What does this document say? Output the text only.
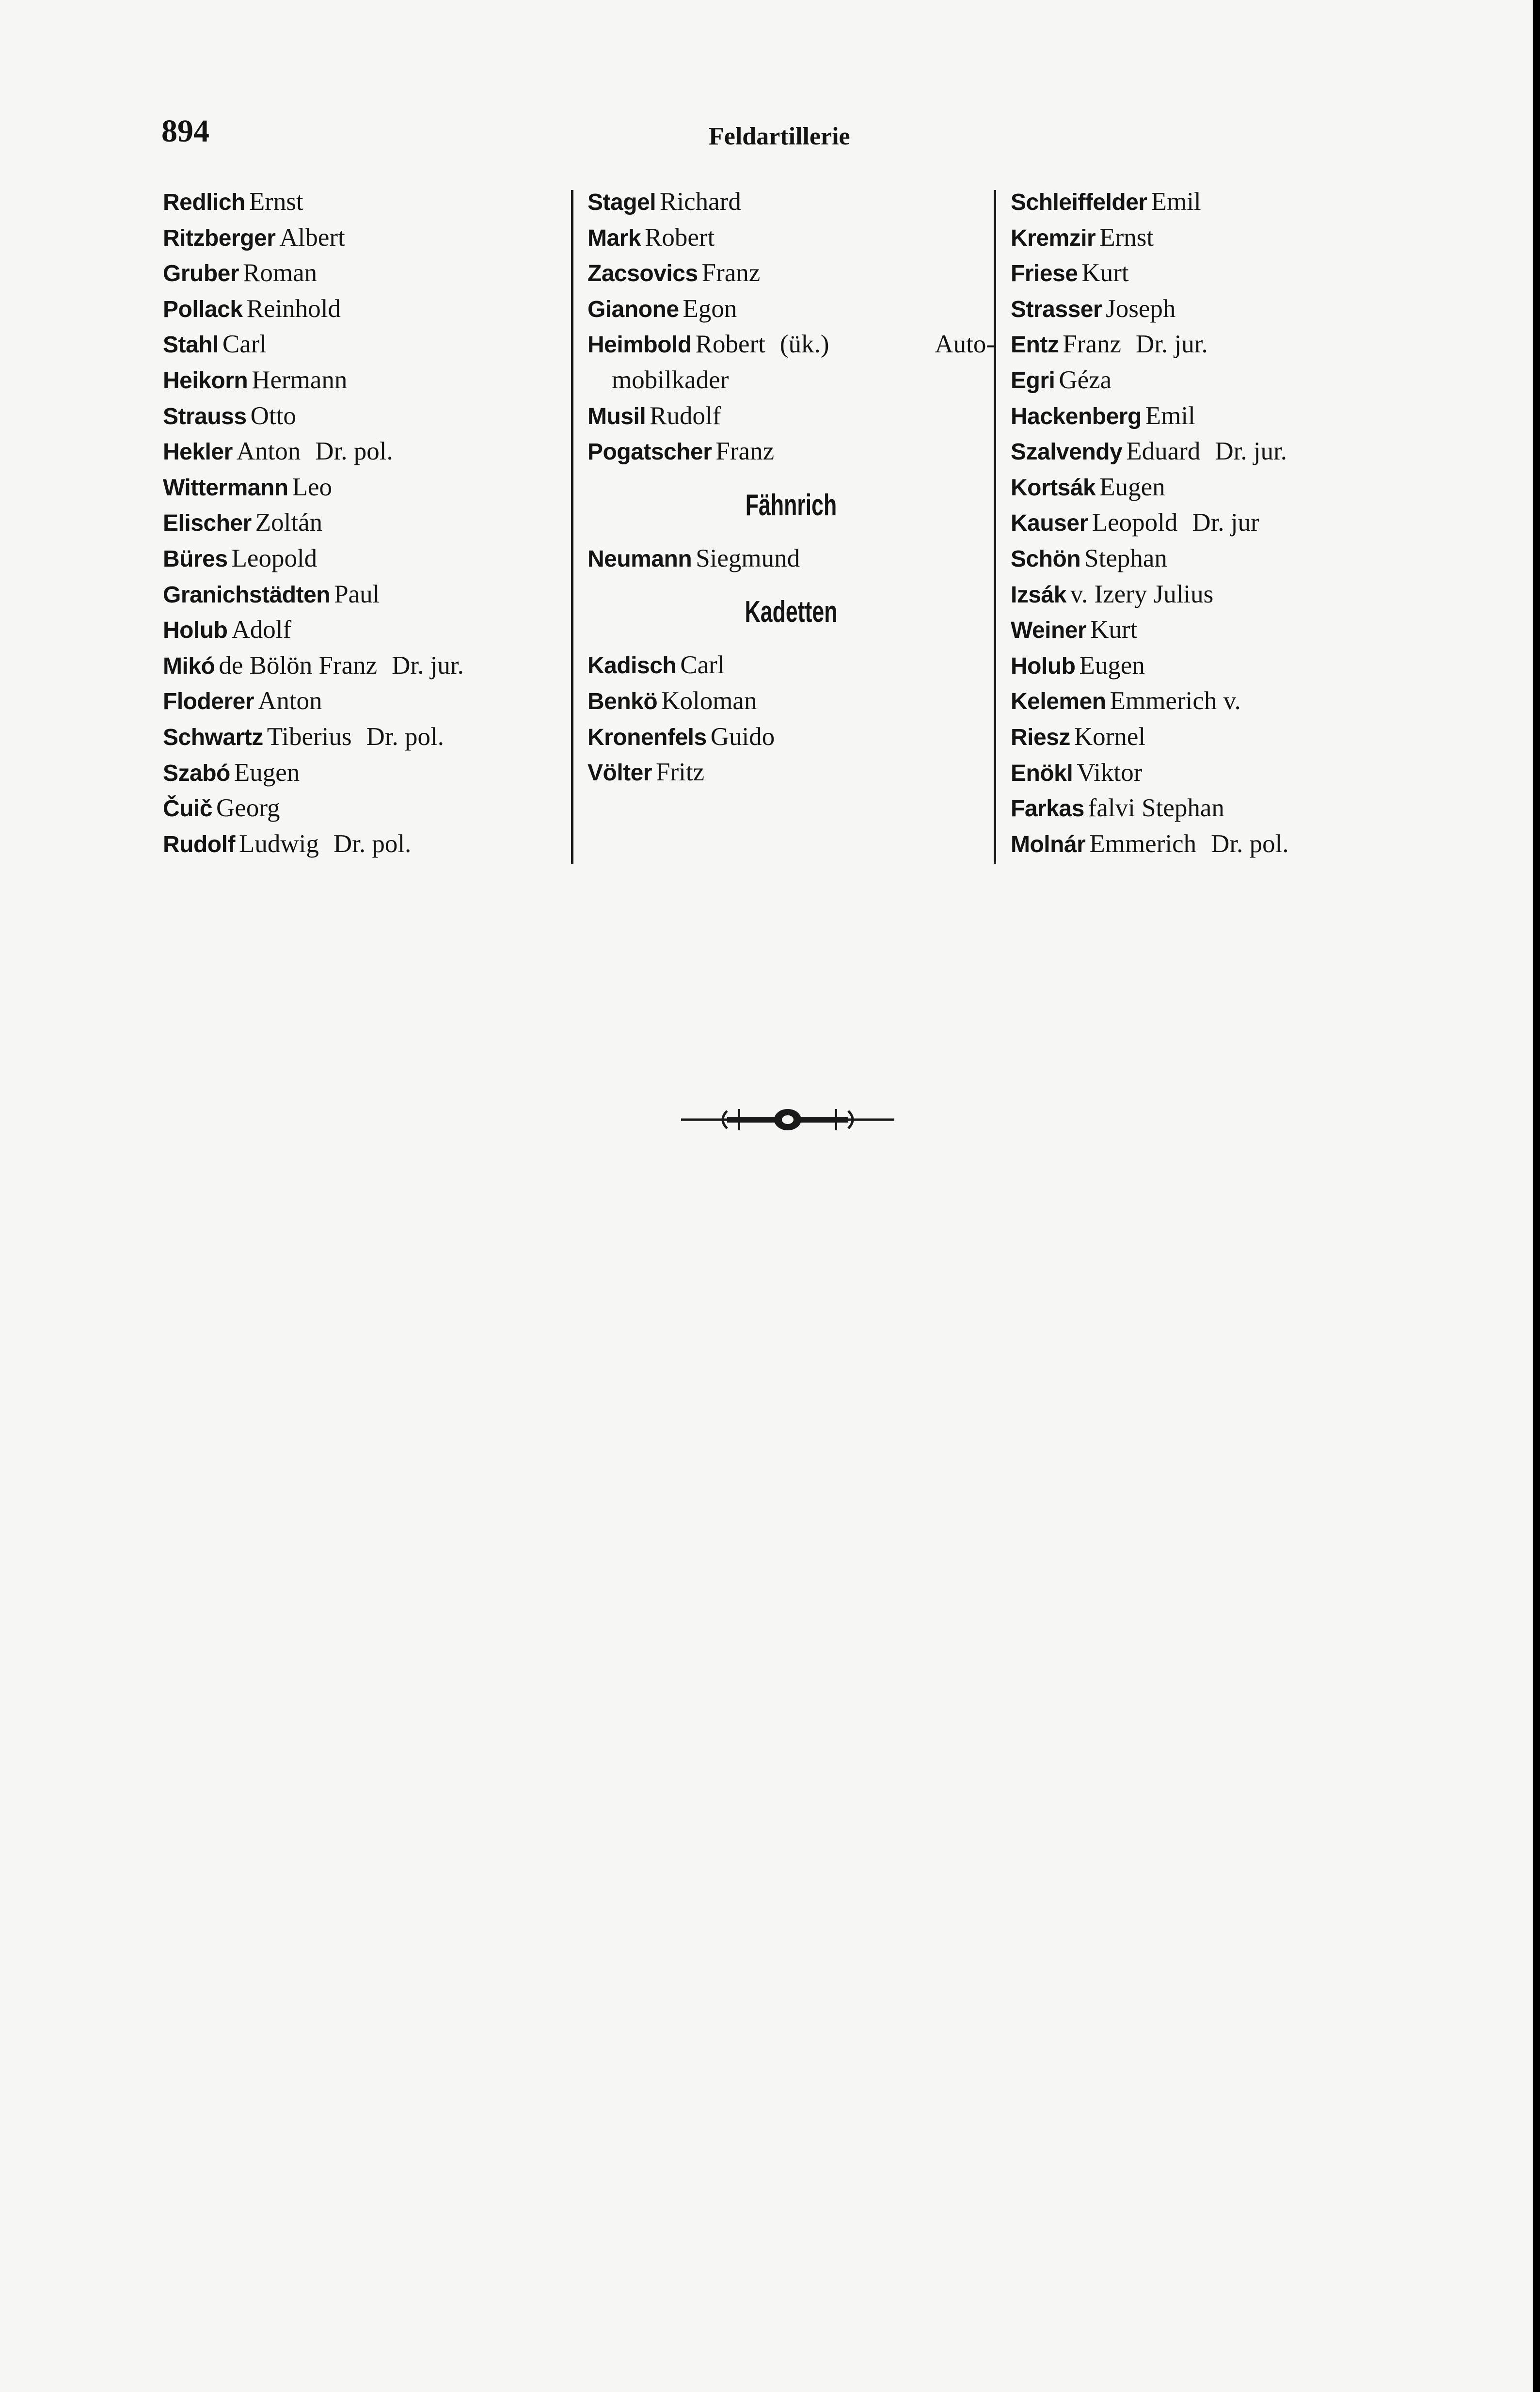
894	Feldartillerie
Redlich Ernst
Ritzberger Albert
Gruber Roman
Pollack Reinhold
Stahl Carl
Heikorn Hermann
Strauss Otto
Hekler Anton Dr. pol.
Wittermann Leo
Elischer Zoltán
Büres Leopold
Granichstädten Paul
Holub Adolf
Mikó de Bölön Franz Dr. jur.
Floderer Anton
Schwartz Tiberius Dr. pol.
Szabó Eugen
Čuič Georg
Rudolf Ludwig Dr. pol.
Stagel Richard
Mark Robert
Zacsovics Franz
Gianone Egon
Heimbold Robert (ük.)	Auto-
mobilkader
Musil Rudolf
Pogatscher Franz
Fähnrich
Neumann Siegmund
Kadetten
Kadisch Carl
Benkö Koloman
Kronenfels Guido
Völter Fritz
Schleiffelder Emil
Kremzir Ernst
Friese Kurt
Strasser Joseph
Entz Franz Dr. jur.
Egri Géza
Hackenberg Emil
Szalvendy Eduard Dr. jur.
Kortsák Eugen
Kauser Leopold Dr. jur
Schön Stephan
Izsák v. Izery Julius
Weiner Kurt
Holub Eugen
Kelemen Emmerich v.
Riesz Kornel
Enökl Viktor
Farkas falvi Stephan
Molnár Emmerich Dr. pol.
